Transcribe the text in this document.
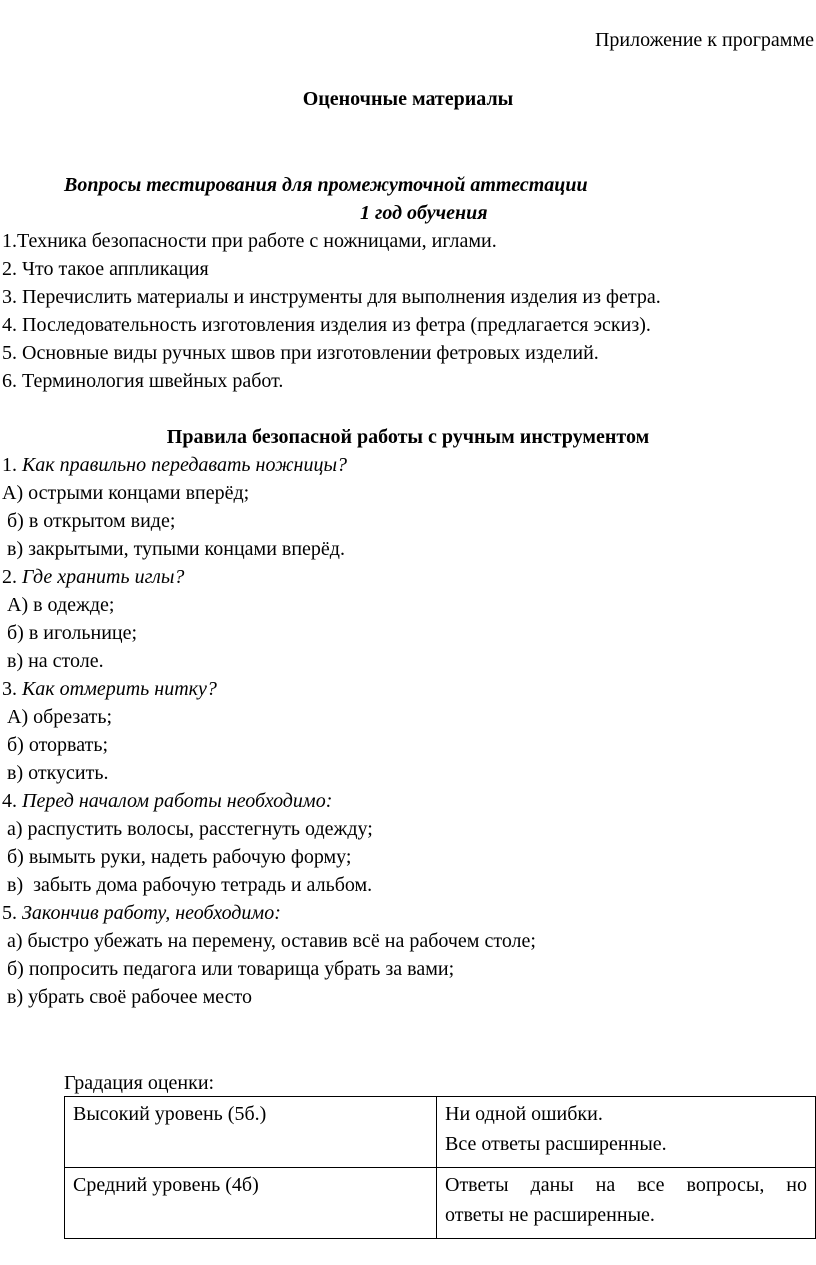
Приложение к программе
Оценочные материалы
Вопросы тестирования для промежуточной аттестации
1 год обучения
1.Техника безопасности при работе с ножницами, иглами.
2. Что такое аппликация
3. Перечислить материалы и инструменты для выполнения изделия из фетра.
4. Последовательность изготовления изделия из фетра (предлагается эскиз).
5. Основные виды ручных швов при изготовлении фетровых изделий.
6. Терминология швейных работ.
Правила безопасной работы с ручным инструментом
1. Как правильно передавать ножницы?
А) острыми концами вперёд;
б) в открытом виде;
в) закрытыми, тупыми концами вперёд.
2. Где хранить иглы?
А) в одежде;
б) в игольнице;
в) на столе.
3. Как отмерить нитку?
А) обрезать;
б) оторвать;
в) откусить.
4. Перед началом работы необходимо:
а) распустить волосы, расстегнуть одежду;
б) вымыть руки, надеть рабочую форму;
в)  забыть дома рабочую тетрадь и альбом.
5. Закончив работу, необходимо:
а) быстро убежать на перемену, оставив всё на рабочем столе;
б) попросить педагога или товарища убрать за вами;
в) убрать своё рабочее место
Градация оценки:
Высокий уровень (5б.)	Ни одной ошибки.
Все ответы расширенные.

Средний уровень (4б)	Ответы даны на все вопросы, но
ответы не расширенные.
